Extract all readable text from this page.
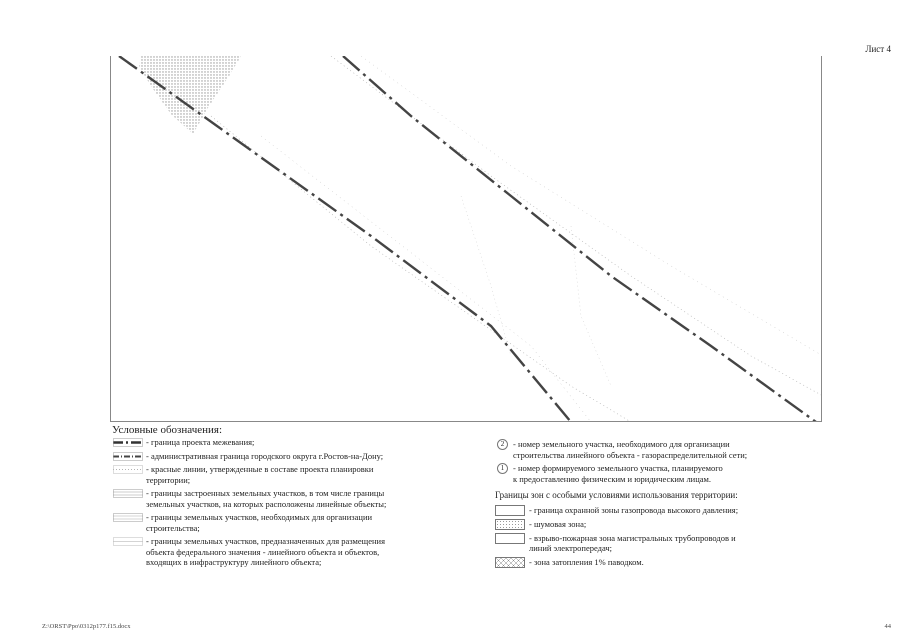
Лист 4
Условные обозначения:
- граница проекта межевания;
- административная граница городского округа г.Ростов-на-Дону;
- красные линии, утвержденные в составе проекта планировки
территории;
- границы застроенных земельных участков, в том числе границы
земельных участков, на которых расположены линейные объекты;
- границы земельных участков, необходимых для организации
строительства;
- границы земельных участков, предназначенных для размещения
объекта федерального значения - линейного объекта и объектов,
входящих в инфраструктуру линейного объекта;
2	- номер земельного участка, необходимого для организации
строительства линейного объекта - газораспределительной сети;
1	- номер формируемого земельного участка, планируемого
к предоставлению физическим и юридическим лицам.
Границы зон с особыми условиями использования территории:
- граница охранной зоны газопровода высокого давления;
- шумовая зона;
- взрыво-пожарная зона магистральных трубопроводов и
линий электропередач;
- зона затопления 1% паводком.
Z:\ORST\Ppo\0312p177.f15.docx	44
